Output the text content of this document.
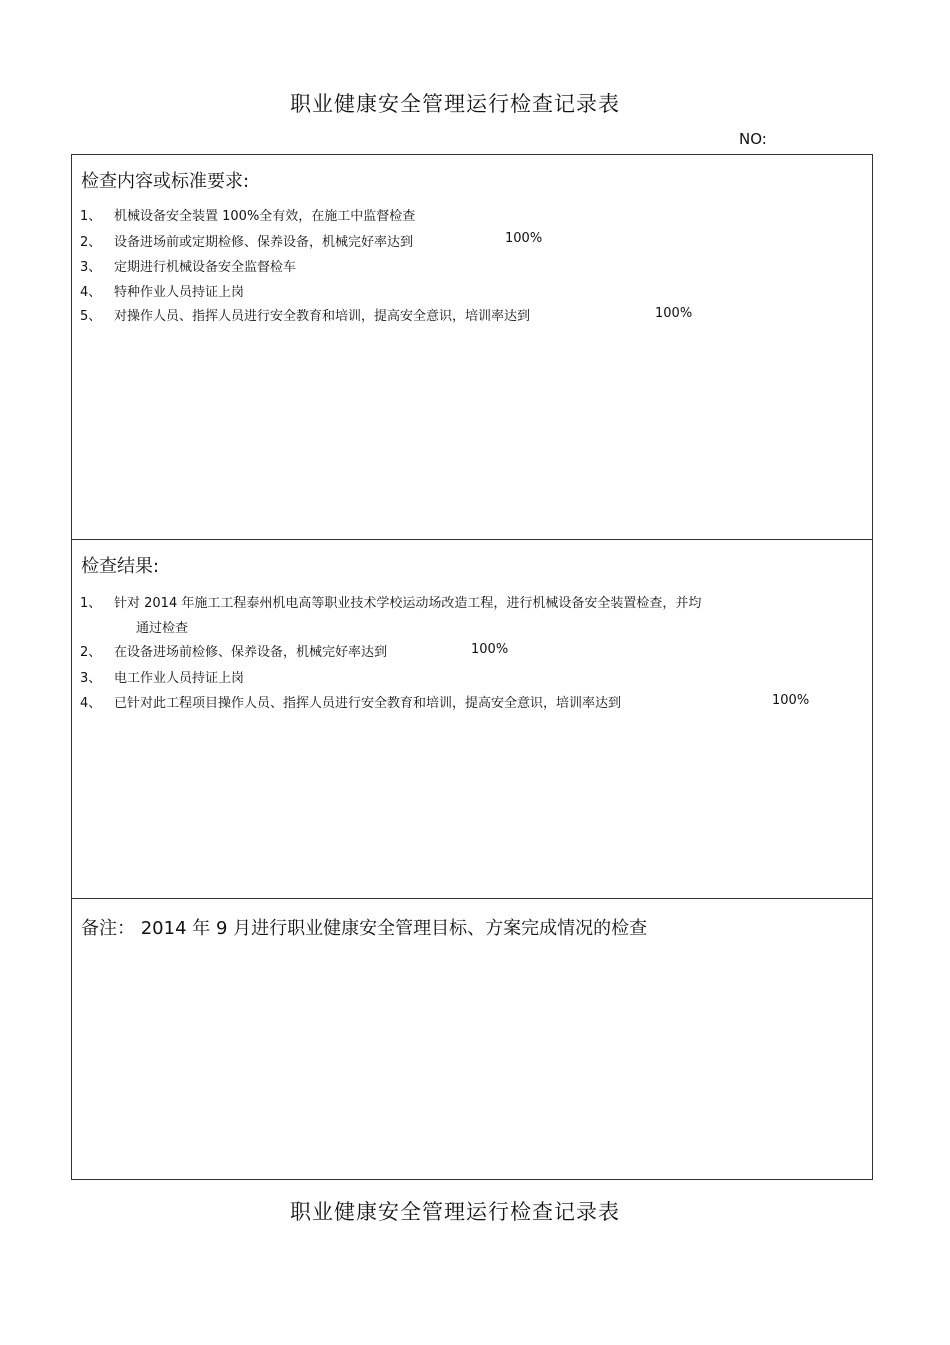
职业健康安全管理运行检查记录表
NO:
检查内容或标准要求:
1、 机械设备安全装置 100%全有效，在施工中监督检查
2、 设备进场前或定期检修、保养设备，机械完好率达到	100%
3、 定期进行机械设备安全监督检车
4、 特种作业人员持证上岗
5、 对操作人员、指挥人员进行安全教育和培训，提高安全意识，培训率达到	100%
检查结果:
1、 针对 2014 年施工工程泰州机电高等职业技术学校运动场改造工程，进行机械设备安全装置检查，并均
通过检查
2、 在设备进场前检修、保养设备，机械完好率达到	100%
3、 电工作业人员持证上岗
4、 已针对此工程项目操作人员、指挥人员进行安全教育和培训，提高安全意识，培训率达到	100%
备注： 2014 年 9 月进行职业健康安全管理目标、方案完成情况的检查
职业健康安全管理运行检查记录表
